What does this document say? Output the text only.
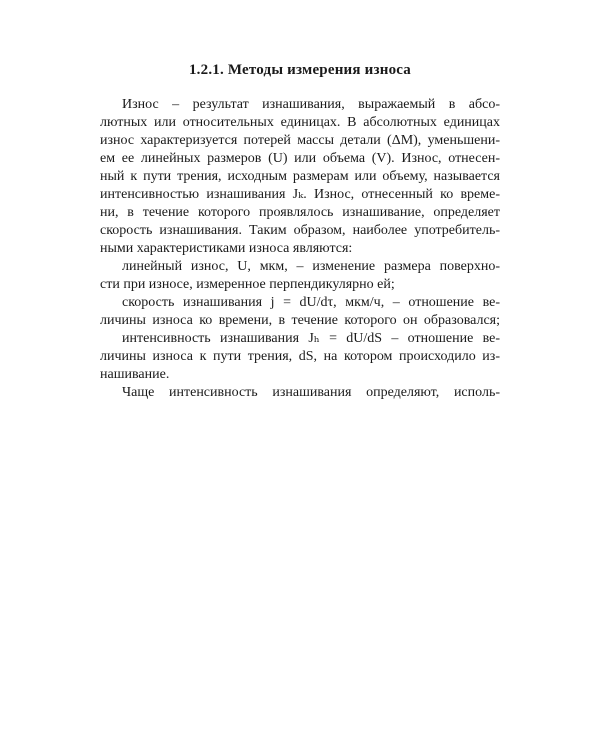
1.2.1. Методы измерения износа
Износ – результат изнашивания, выражаемый в абсо-
лютных или относительных единицах. В абсолютных единицах
износ характеризуется потерей массы детали (ΔМ), уменьшени-
ем ее линейных размеров (U) или объема (V). Износ, отнесен-
ный к пути трения, исходным размерам или объему, называется
интенсивностью изнашивания Jₖ. Износ, отнесенный ко време-
ни, в течение которого проявлялось изнашивание, определяет
скорость изнашивания. Таким образом, наиболее употребитель-
ными характеристиками износа являются:
линейный износ, U, мкм, – изменение размера поверхно-
сти при износе, измеренное перпендикулярно ей;
скорость изнашивания j = dU/dτ, мкм/ч, – отношение ве-
личины износа ко времени, в течение которого он образовался;
интенсивность изнашивания Jₕ = dU/dS – отношение ве-
личины износа к пути трения, dS, на котором происходило из-
нашивание.
Чаще интенсивность изнашивания определяют, исполь-
